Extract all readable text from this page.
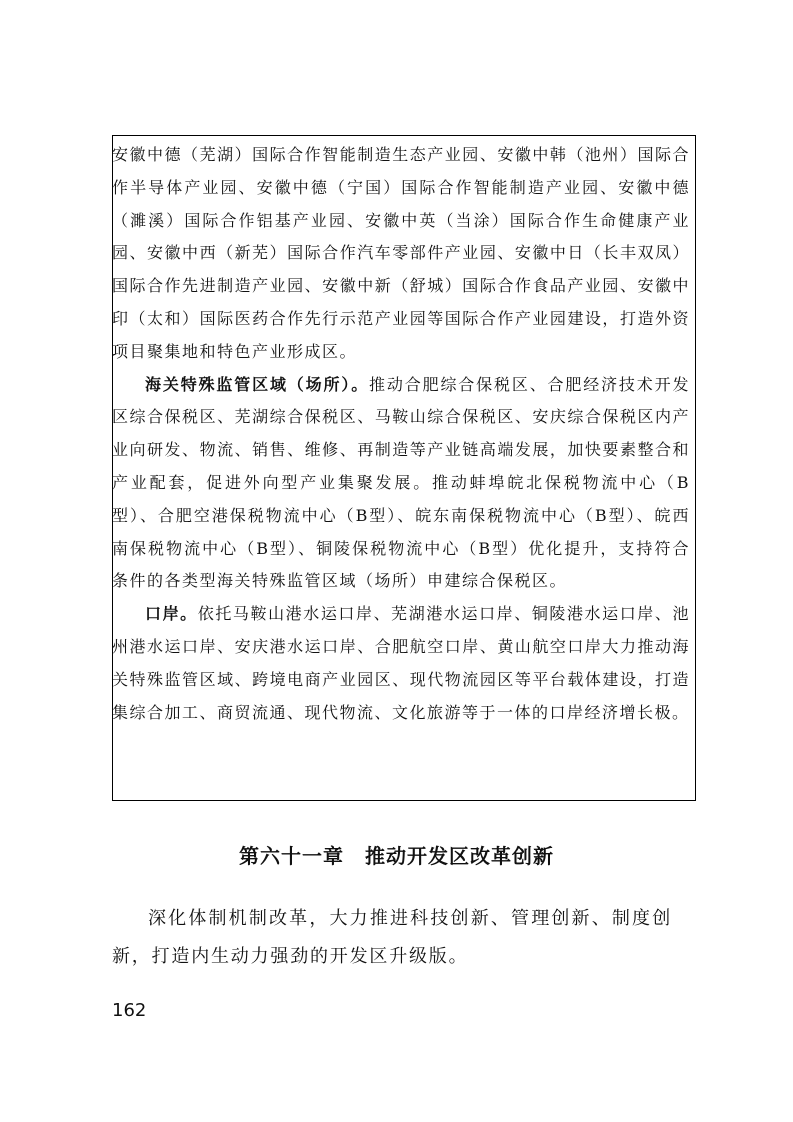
安徽中德（芜湖）国际合作智能制造生态产业园、安徽中韩（池州）国际合作半导体产业园、安徽中德（宁国）国际合作智能制造产业园、安徽中德（濉溪）国际合作铝基产业园、安徽中英（当涂）国际合作生命健康产业园、安徽中西（新芜）国际合作汽车零部件产业园、安徽中日（长丰双凤）国际合作先进制造产业园、安徽中新（舒城）国际合作食品产业园、安徽中印（太和）国际医药合作先行示范产业园等国际合作产业园建设，打造外资项目聚集地和特色产业形成区。

海关特殊监管区域（场所）。推动合肥综合保税区、合肥经济技术开发区综合保税区、芜湖综合保税区、马鞍山综合保税区、安庆综合保税区内产业向研发、物流、销售、维修、再制造等产业链高端发展，加快要素整合和产业配套，促进外向型产业集聚发展。推动蚌埠皖北保税物流中心（B型）、合肥空港保税物流中心（B型）、皖东南保税物流中心（B型）、皖西南保税物流中心（B型）、铜陵保税物流中心（B型）优化提升，支持符合条件的各类型海关特殊监管区域（场所）申建综合保税区。

口岸。依托马鞍山港水运口岸、芜湖港水运口岸、铜陵港水运口岸、池州港水运口岸、安庆港水运口岸、合肥航空口岸、黄山航空口岸大力推动海关特殊监管区域、跨境电商产业园区、现代物流园区等平台载体建设，打造集综合加工、商贸流通、现代物流、文化旅游等于一体的口岸经济增长极。

第六十一章　推动开发区改革创新

深化体制机制改革，大力推进科技创新、管理创新、制度创新，打造内生动力强劲的开发区升级版。

162
